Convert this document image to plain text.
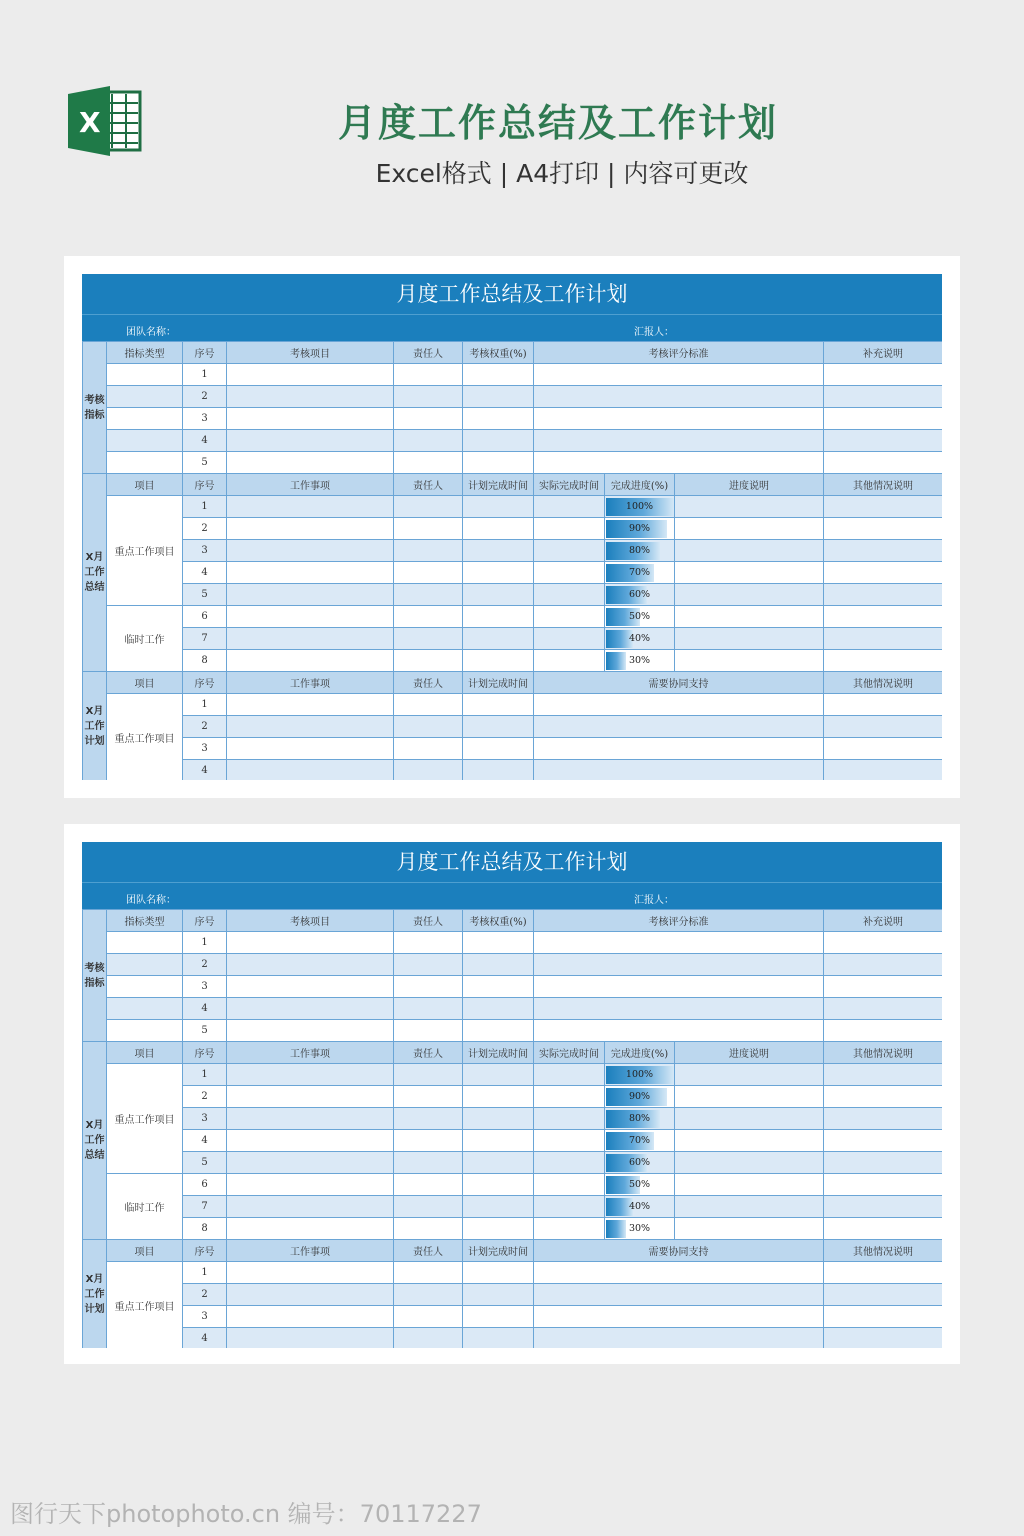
X	月度工作总结及工作计划
Excel格式 | A4打印 | 内容可更改
月度工作总结及工作计划
团队名称：	汇报人：
考核指标	指标类型	序号	考核项目	责任人	考核权重(%)	考核评分标准			补充说明
		1							
		2							
		3							
		4							
		5							
X月工作总结	项目	序号	工作事项	责任人	计划完成时间	实际完成时间	完成进度(%)	进度说明	其他情况说明
	重点工作项目	1					100%		
		2					90%		
		3					80%		
		4					70%		
		5					60%		
	临时工作	6					50%		
		7					40%		
		8					30%		
X月工作计划	项目	序号	工作事项	责任人	计划完成时间	需要协同支持			其他情况说明
	重点工作项目	1							
		2							
		3							
		4							
月度工作总结及工作计划
团队名称：	汇报人：
考核指标	指标类型	序号	考核项目	责任人	考核权重(%)	考核评分标准			补充说明
		1							
		2							
		3							
		4							
		5							
X月工作总结	项目	序号	工作事项	责任人	计划完成时间	实际完成时间	完成进度(%)	进度说明	其他情况说明
	重点工作项目	1					100%		
		2					90%		
		3					80%		
		4					70%		
		5					60%		
	临时工作	6					50%		
		7					40%		
		8					30%		
X月工作计划	项目	序号	工作事项	责任人	计划完成时间	需要协同支持			其他情况说明
	重点工作项目	1							
		2							
		3							
		4							
图行天下photophoto.cn 编号：70117227
